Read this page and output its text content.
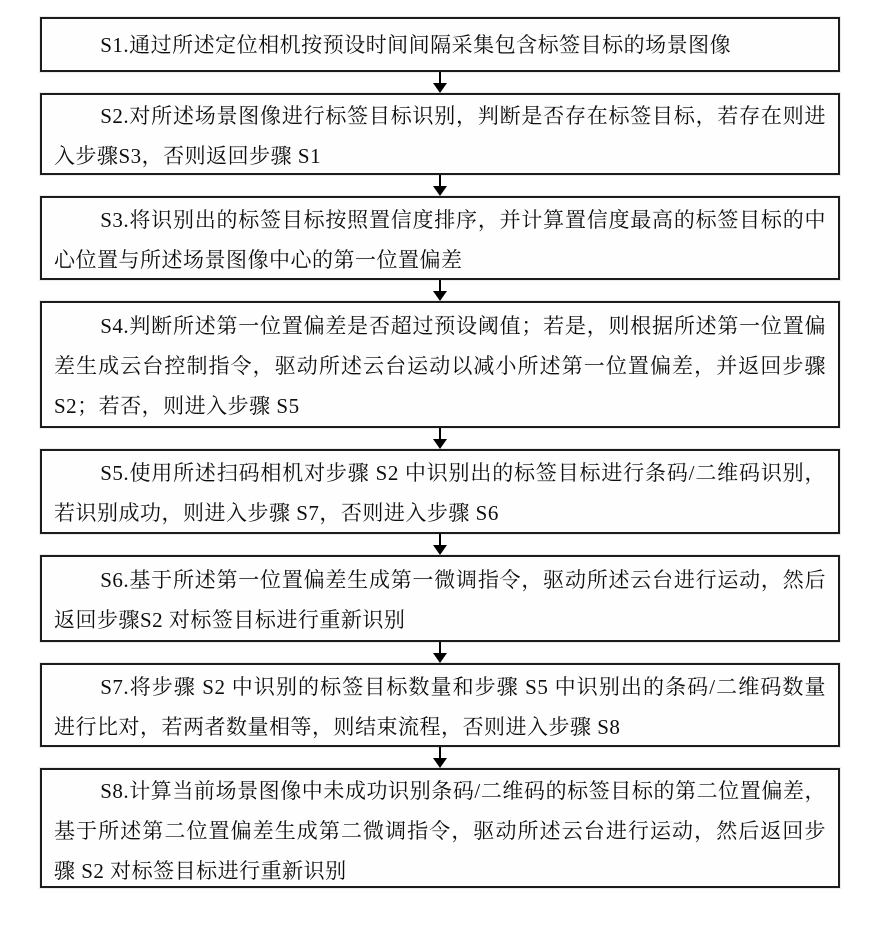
S1.通过所述定位相机按预设时间间隔采集包含标签目标的场景图像
S2.对所述场景图像进行标签目标识别，判断是否存在标签目标，若存在则进入步骤S3，否则返回步骤 S1
S3.将识别出的标签目标按照置信度排序，并计算置信度最高的标签目标的中心位置与所述场景图像中心的第一位置偏差
S4.判断所述第一位置偏差是否超过预设阈值；若是，则根据所述第一位置偏差生成云台控制指令，驱动所述云台运动以减小所述第一位置偏差，并返回步骤 S2；若否，则进入步骤 S5
S5.使用所述扫码相机对步骤 S2 中识别出的标签目标进行条码/二维码识别，若识别成功，则进入步骤 S7，否则进入步骤 S6
S6.基于所述第一位置偏差生成第一微调指令，驱动所述云台进行运动，然后返回步骤S2 对标签目标进行重新识别
S7.将步骤 S2 中识别的标签目标数量和步骤 S5 中识别出的条码/二维码数量进行比对，若两者数量相等，则结束流程，否则进入步骤 S8
S8.计算当前场景图像中未成功识别条码/二维码的标签目标的第二位置偏差，基于所述第二位置偏差生成第二微调指令，驱动所述云台进行运动，然后返回步骤 S2 对标签目标进行重新识别
